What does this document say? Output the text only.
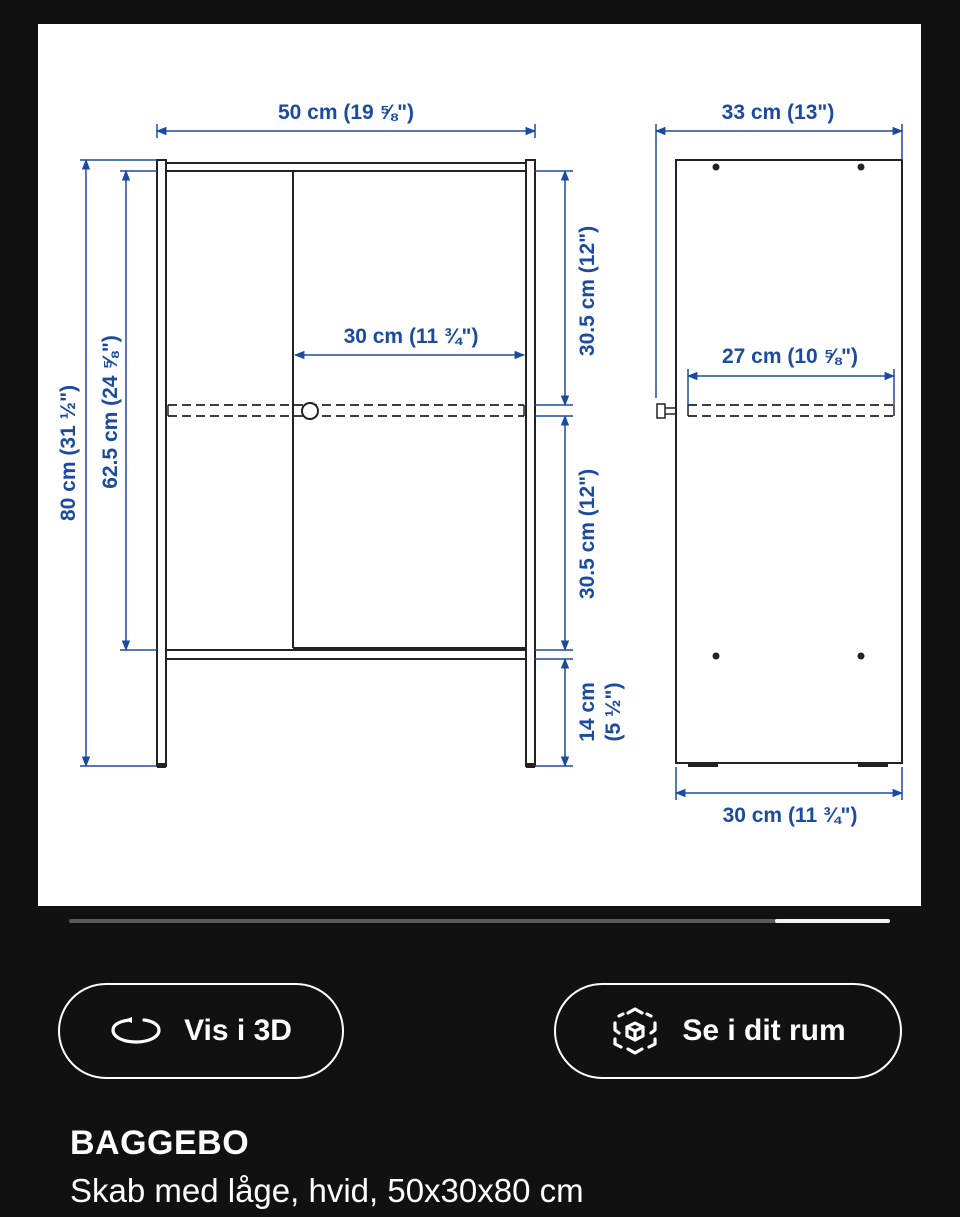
50 cm (19 ⅝")
30 cm (11 ¾")
80 cm (31 ½") 62.5 cm (24 ⅝")
30.5 cm (12")
30.5 cm (12")
14 cm (5 ½")
33 cm (13")
27 cm (10 ⅝")
30 cm (11 ¾")
Vis i 3D	Se i dit rum
BAGGEBO
Skab med låge, hvid, 50x30x80 cm
